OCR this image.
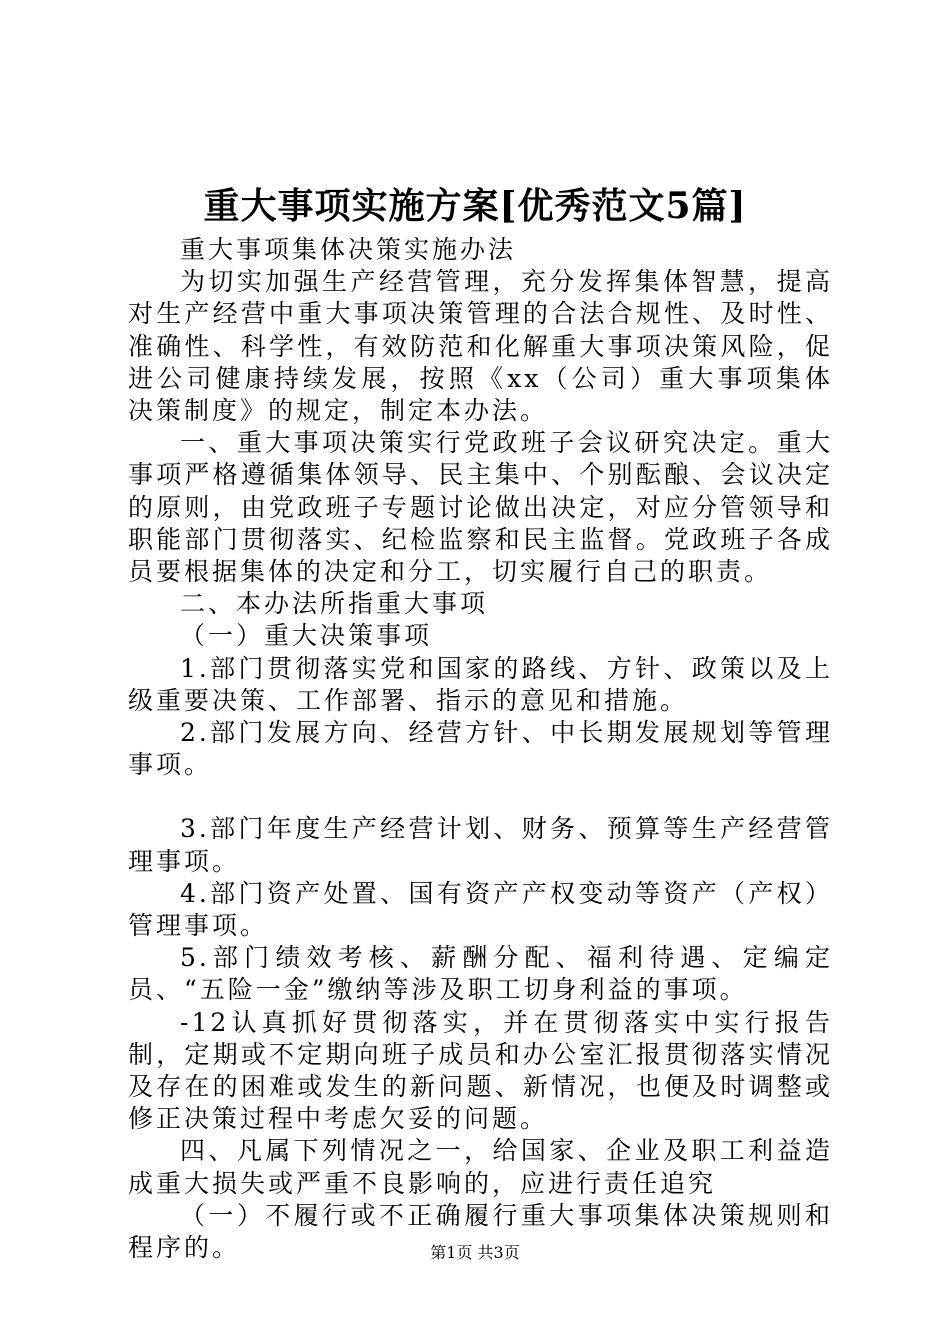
重大事项实施方案[优秀范文5篇]

重大事项集体决策实施办法

为切实加强生产经营管理，充分发挥集体智慧，提高对生产经营中重大事项决策管理的合法合规性、及时性、准确性、科学性，有效防范和化解重大事项决策风险，促进公司健康持续发展，按照《xx（公司）重大事项集体决策制度》的规定，制定本办法。

一、重大事项决策实行党政班子会议研究决定。重大事项严格遵循集体领导、民主集中、个别酝酿、会议决定的原则，由党政班子专题讨论做出决定，对应分管领导和职能部门贯彻落实、纪检监察和民主监督。党政班子各成员要根据集体的决定和分工，切实履行自己的职责。

二、本办法所指重大事项

（一）重大决策事项

1.部门贯彻落实党和国家的路线、方针、政策以及上级重要决策、工作部署、指示的意见和措施。

2.部门发展方向、经营方针、中长期发展规划等管理事项。

3.部门年度生产经营计划、财务、预算等生产经营管理事项。

4.部门资产处置、国有资产产权变动等资产（产权）管理事项。

5.部门绩效考核、薪酬分配、福利待遇、定编定员、“五险一金”缴纳等涉及职工切身利益的事项。

-12认真抓好贯彻落实，并在贯彻落实中实行报告制，定期或不定期向班子成员和办公室汇报贯彻落实情况及存在的困难或发生的新问题、新情况，也便及时调整或修正决策过程中考虑欠妥的问题。

四、凡属下列情况之一，给国家、企业及职工利益造成重大损失或严重不良影响的，应进行责任追究

（一）不履行或不正确履行重大事项集体决策规则和程序的。	第1页 共3页
